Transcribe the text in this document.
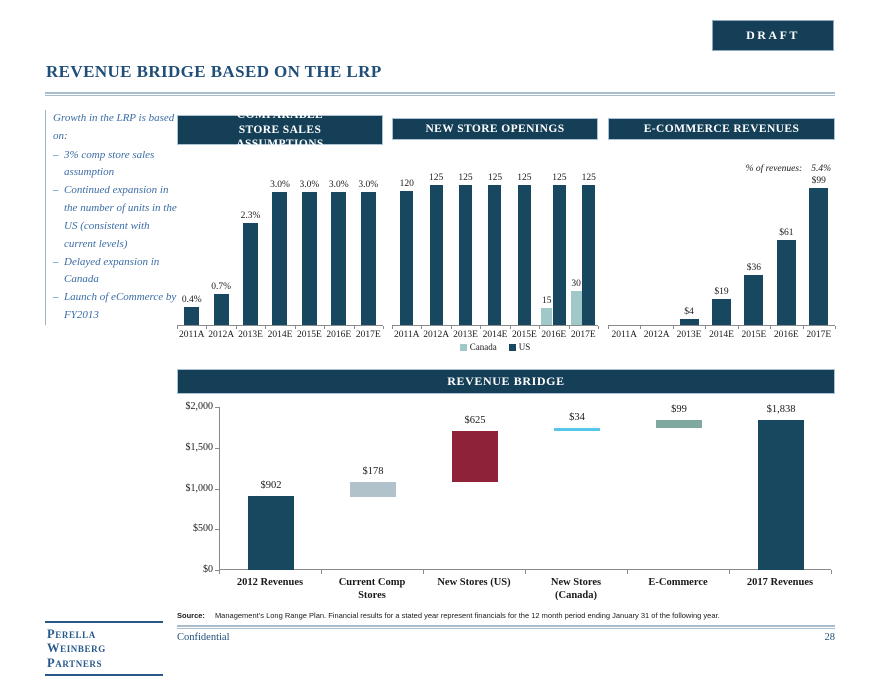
DRAFT
REVENUE BRIDGE BASED ON THE LRP
Growth in the LRP is based on:
– 3% comp store sales assumption
– Continued expansion in the number of units in the US (consistent with current levels)
– Delayed expansion in Canada
– Launch of eCommerce by FY2013
COMPARABLE STORE SALES ASSUMPTIONS
0.4%
0.7%
2.3%
3.0% 3.0% 3.0% 3.0%
2011A 2012A 2013E 2014E 2015E 2016E 2017E
NEW STORE OPENINGS
120
125 125 125 125
15
125
30
125
2011A 2012A 2013E 2014E 2015E 2016E 2017E
Canada US
E-COMMERCE REVENUES
% of revenues: 5.4%
$4
$19
$36
$61
$99
2011A 2012A 2013E 2014E 2015E 2016E 2017E
REVENUE BRIDGE
$902
$178
$625	$34
$99	$1,838
2012 Revenues	Current Comp Stores
New Stores (US)	New Stores (Canada)
E-Commerce	2017 Revenues
$2,000
$1,500
$1,000
$500
$0
Source: Management’s Long Range Plan. Financial results for a stated year represent financials for the 12 month period ending January 31 of the following year.
Confidential	28
Perella
Weinberg
Partners
